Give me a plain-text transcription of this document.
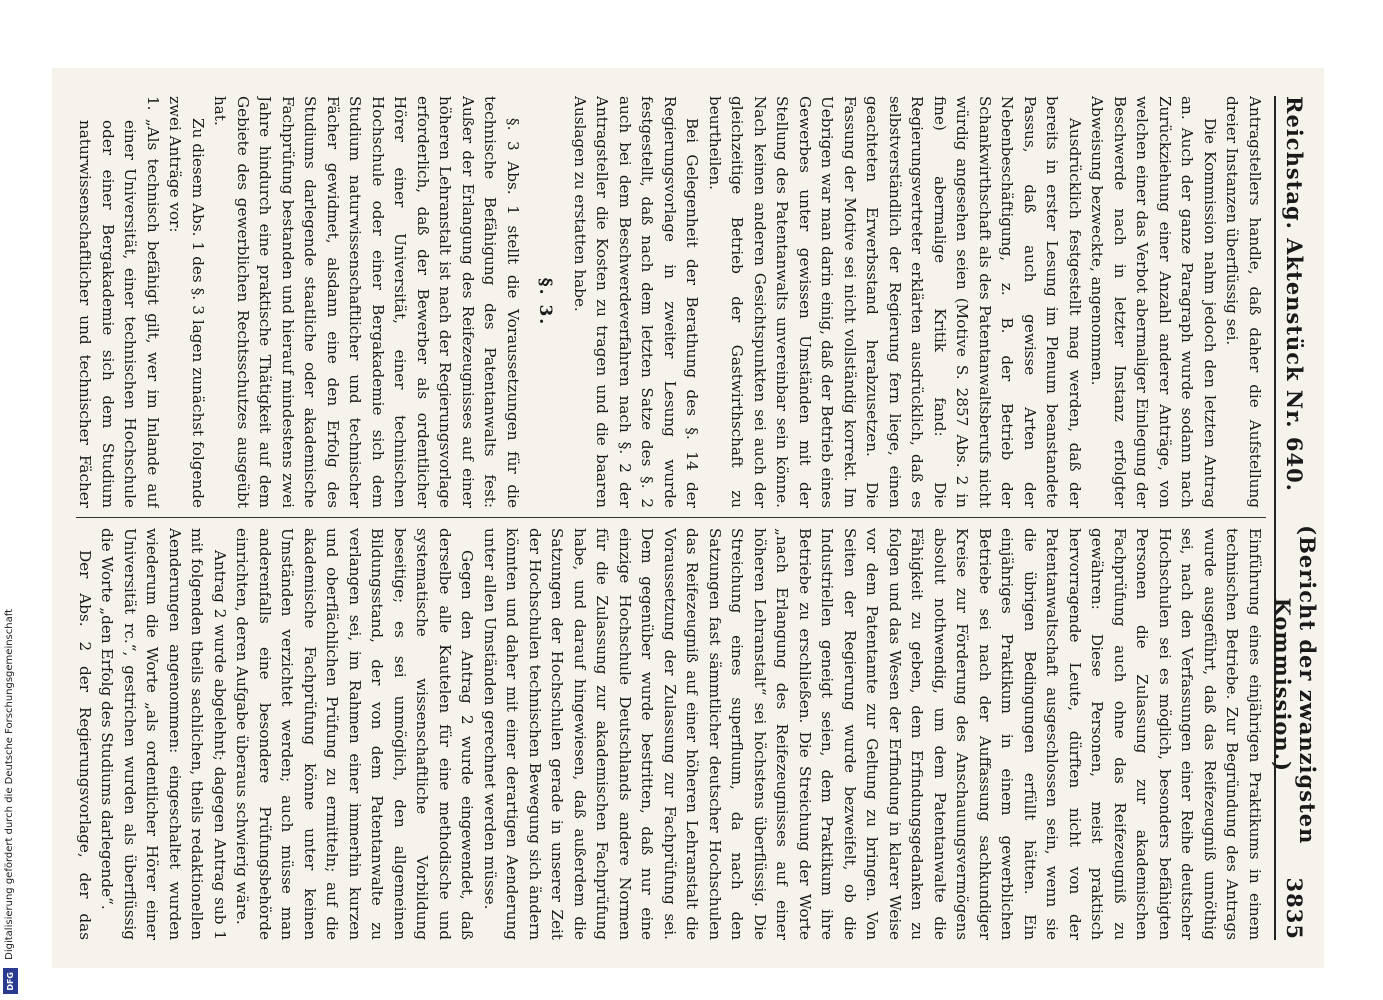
Digitalisierung gefördert durch die Deutsche Forschungsgemeinschaft
DFG
Reichstag. Aktenstück Nr. 640.
(Bericht der zwanzigsten Kommission.)
3835

Antragstellers handle, daß daher die Aufstellung dreier Instanzen überflüssig sei.

Die Kommission nahm jedoch den letzten Antrag an. Auch der ganze Paragraph wurde sodann nach Zurückziehung einer Anzahl anderer Anträge, von welchen einer das Verbot abermaliger Einlegung der Beschwerde nach in letzter Instanz erfolgter Abweisung bezweckte, angenommen.

Ausdrücklich festgestellt mag werden, daß der bereits in erster Lesung im Plenum beanstandete Passus, daß auch gewisse Arten der Nebenbeschäftigung, z. B. der Betrieb der Schankwirthschaft als des Patentanwaltsberufs nicht würdig angesehen seien (Motive S. 2857 Abs. 2 in fine) abermalige Kritik fand: Die Regierungsvertreter erklärten ausdrücklich, daß es selbstverständlich der Regierung fern liege, einen geachteten Erwerbsstand herabzusetzen. Die Fassung der Motive sei nicht vollständig korrekt. Im Uebrigen war man darin einig, daß der Betrieb eines Gewerbes unter gewissen Umständen mit der Stellung des Patentanwalts unvereinbar sein könne. Nach keinen anderen Gesichtspunkten sei auch der gleichzeitige Betrieb der Gastwirthschaft zu beurtheilen.

Bei Gelegenheit der Berathung des §. 14 der Regierungsvorlage in zweiter Lesung wurde festgestellt, daß nach dem letzten Satze des §. 2 auch bei dem Beschwerdeverfahren nach §. 2 der Antragsteller die Kosten zu tragen und die baaren Auslagen zu erstatten habe.

§. 3.

§. 3 Abs. 1 stellt die Voraussetzungen für die technische Befähigung des Patentanwalts fest: Außer der Erlangung des Reifezeugnisses auf einer höheren Lehranstalt ist nach der Regierungsvorlage erforderlich, daß der Bewerber als ordentlicher Hörer einer Universität, einer technischen Hochschule oder einer Bergakademie sich dem Studium naturwissenschaftlicher und technischer Fächer gewidmet, alsdann eine den Erfolg des Studiums darlegende staatliche oder akademische Fachprüfung bestanden und hierauf mindestens zwei Jahre hindurch eine praktische Thätigkeit auf dem Gebiete des gewerblichen Rechtsschutzes ausgeübt hat.

Zu diesem Abs. 1 des §. 3 lagen zunächst folgende zwei Anträge vor:

1. „Als technisch befähigt gilt, wer im Inlande auf einer Universität, einer technischen Hochschule oder einer Bergakademie sich dem Studium naturwissenschaftlicher und technischer Fächer

Einführung eines einjährigen Praktikums in einem technischen Betriebe. Zur Begründung des Antrags wurde ausgeführt, daß das Reifezeugniß unnöthig sei, nach den Verfassungen einer Reihe deutscher Hochschulen sei es möglich, besonders befähigten Personen die Zulassung zur akademischen Fachprüfung auch ohne das Reifezeugniß zu gewähren: Diese Personen, meist praktisch hervorragende Leute, dürften nicht von der Patentanwaltschaft ausgeschlossen sein, wenn sie die übrigen Bedingungen erfüllt hätten. Ein einjähriges Praktikum in einem gewerblichen Betriebe sei nach der Auffassung sachkundiger Kreise zur Förderung des Anschauungsvermögens absolut nothwendig, um dem Patentanwalte die Fähigkeit zu geben, dem Erfindungsgedanken zu folgen und das Wesen der Erfindung in klarer Weise vor dem Patentamte zur Geltung zu bringen. Von Seiten der Regierung wurde bezweifelt, ob die Industriellen geneigt seien, dem Praktikum ihre Betriebe zu erschließen. Die Streichung der Worte „nach Erlangung des Reifezeugnisses auf einer höheren Lehranstalt“ sei höchstens überflüssig. Die Streichung eines superfluum, da nach den Satzungen fast sämmtlicher deutscher Hochschulen das Reifezeugniß auf einer höheren Lehranstalt die Voraussetzung der Zulassung zur Fachprüfung sei. Dem gegenüber wurde bestritten, daß nur eine einzige Hochschule Deutschlands andere Normen für die Zulassung zur akademischen Fachprüfung habe, und darauf hingewiesen, daß außerdem die Satzungen der Hochschulen gerade in unserer Zeit der Hochschulen technischen Bewegung sich ändern könnten und daher mit einer derartigen Aenderung unter allen Umständen gerechnet werden müsse.

Gegen den Antrag 2 wurde eingewendet, daß derselbe alle Kautelen für eine methodische und systematische wissenschaftliche Vorbildung beseitige; es sei unmöglich, den allgemeinen Bildungsstand, der von dem Patentanwalte zu verlangen sei, im Rahmen einer immerhin kurzen und oberflächlichen Prüfung zu ermitteln; auf die akademische Fachprüfung könne unter keinen Umständen verzichtet werden; auch müsse man anderenfalls eine besondere Prüfungsbehörde einrichten, deren Aufgabe überaus schwierig wäre.

Antrag 2 wurde abgelehnt; dagegen Antrag sub 1 mit folgenden theils sachlichen, theils redaktionellen Aenderungen angenommen: eingeschaltet wurden wiederum die Worte „als ordentlicher Hörer einer Universität rc.“, gestrichen wurden als überflüssig die Worte „den Erfolg des Studiums darlegende“.

Der Abs. 2 der Regierungsvorlage, der das
